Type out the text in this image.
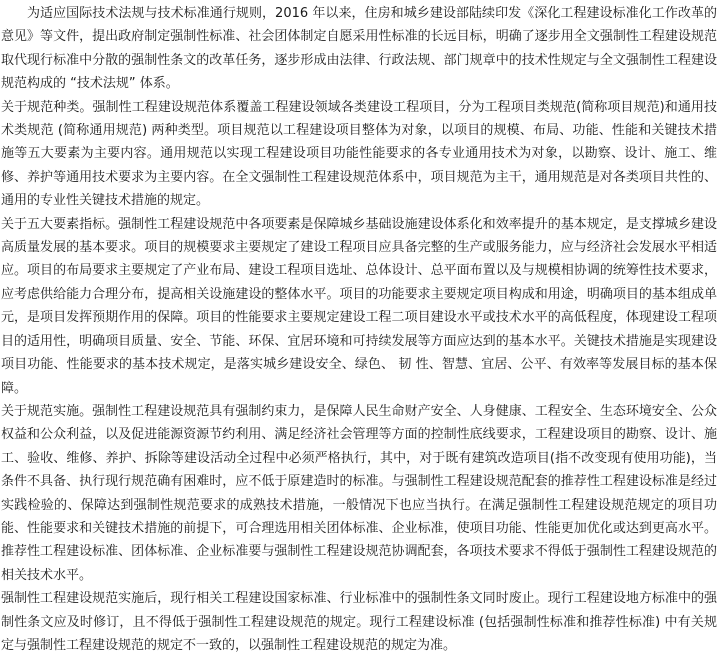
为适应国际技术法规与技术标准通行规则，2016 年以来，住房和城乡建设部陆续印发《深化工程建设标准化工作改革的意见》等文件，提出政府制定强制性标准、社会团体制定自愿采用性标准的长远目标，明确了逐步用全文强制性工程建设规范取代现行标准中分散的强制性条文的改革任务，逐步形成由法律、行政法规、部门规章中的技术性规定与全文强制性工程建设规范构成的 “技术法规” 体系。

关于规范种类。强制性工程建设规范体系覆盖工程建设领域各类建设工程项目，分为工程项目类规范(简称项目规范)和通用技术类规范 (简称通用规范) 两种类型。项目规范以工程建设项目整体为对象，以项目的规模、布局、功能、性能和关键技术措施等五大要素为主要内容。通用规范以实现工程建设项目功能性能要求的各专业通用技术为对象，以勘察、设计、施工、维修、养护等通用技术要求为主要内容。在全文强制性工程建设规范体系中，项目规范为主干，通用规范是对各类项目共性的、通用的专业性关键技术措施的规定。

关于五大要素指标。强制性工程建设规范中各项要素是保障城乡基础设施建设体系化和效率提升的基本规定，是支撑城乡建设高质量发展的基本要求。项目的规模要求主要规定了建设工程项目应具备完整的生产或服务能力，应与经济社会发展水平相适应。项目的布局要求主要规定了产业布局、建设工程项目选址、总体设计、总平面布置以及与规模相协调的统筹性技术要求，应考虑供给能力合理分布，提高相关设施建设的整体水平。项目的功能要求主要规定项目构成和用途，明确项目的基本组成单元，是项目发挥预期作用的保障。项目的性能要求主要规定建设工程二项目建设水平或技术水平的高低程度，体现建设工程项目的适用性，明确项目质量、安全、节能、环保、宜居环境和可持续发展等方面应达到的基本水平。关键技术措施是实现建设项目功能、性能要求的基本技术规定，是落实城乡建设安全、绿色、 韧 性、智慧、宜居、公平、有效率等发展目标的基本保障。

关于规范实施。强制性工程建设规范具有强制约束力，是保障人民生命财产安全、人身健康、工程安全、生态环境安全、公众权益和公众利益，以及促进能源资源节约利用、满足经济社会管理等方面的控制性底线要求，工程建设项目的勘察、设计、施工、验收、维修、养护、拆除等建设活动全过程中必须严格执行，其中，对于既有建筑改造项目(指不改变现有使用功能)，当条件不具备、执行现行规范确有困难时，应不低于原建造时的标准。与强制性工程建设规范配套的推荐性工程建设标准是经过实践检验的、保障达到强制性规范要求的成熟技术措施，一般情况下也应当执行。在满足强制性工程建设规范规定的项目功能、性能要求和关键技术措施的前提下，可合理选用相关团体标准、企业标准，使项目功能、性能更加优化或达到更高水平。推荐性工程建设标准、团体标准、企业标准要与强制性工程建设规范协调配套，各项技术要求不得低于强制性工程建设规范的相关技术水平。

强制性工程建设规范实施后，现行相关工程建设国家标准、行业标准中的强制性条文同时废止。现行工程建设地方标准中的强制性条文应及时修订，且不得低于强制性工程建设规范的规定。现行工程建设标准 (包括强制性标准和推荐性标准) 中有关规定与强制性工程建设规范的规定不一致的，以强制性工程建设规范的规定为准。
